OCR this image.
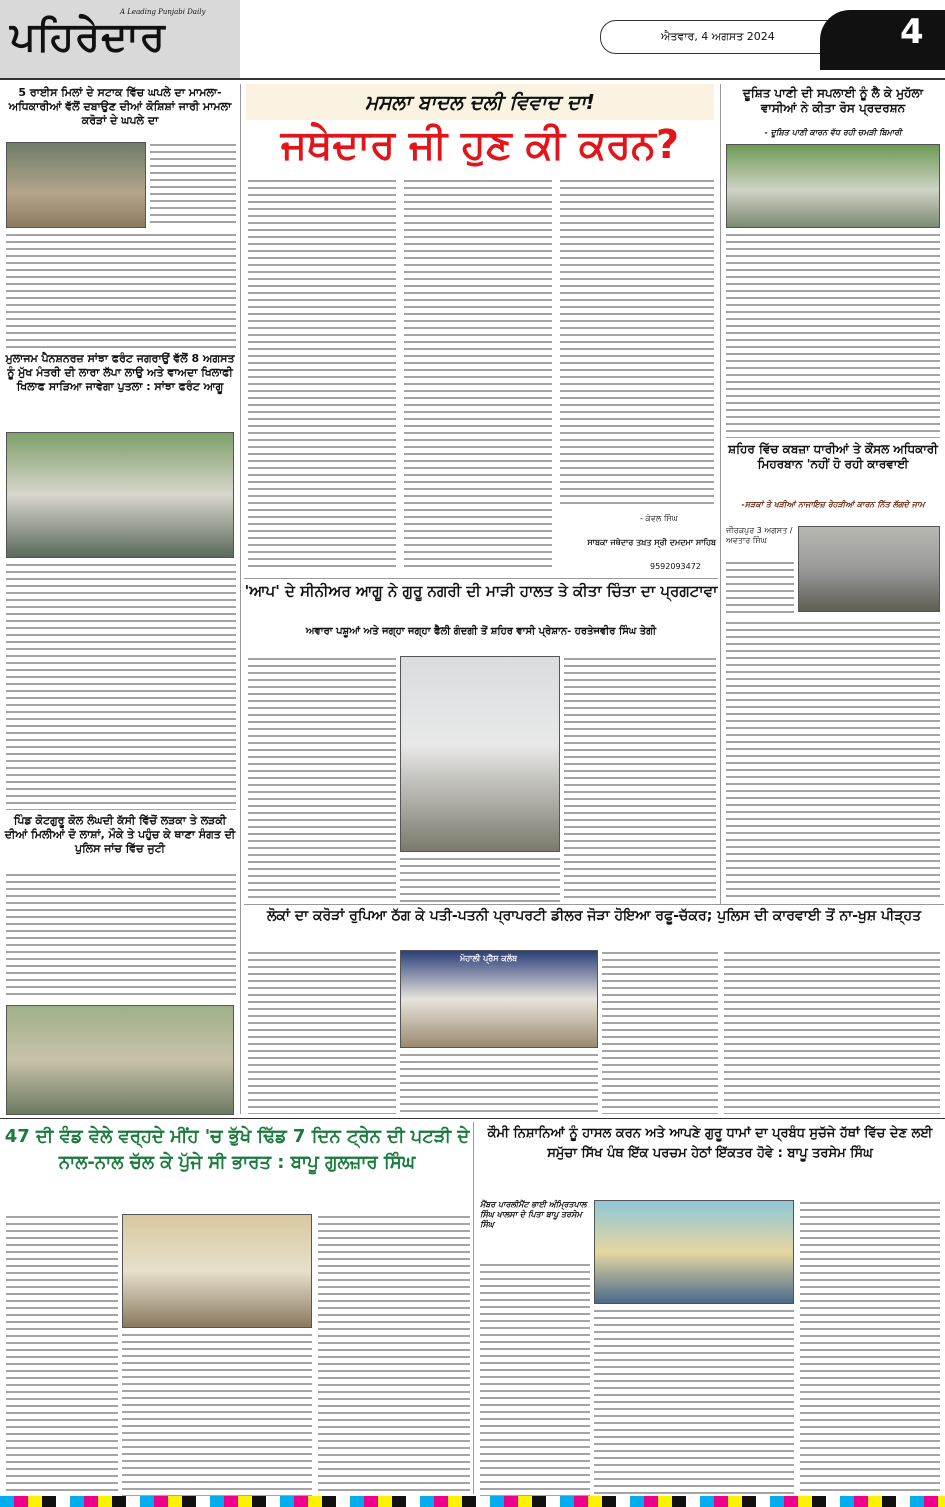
ਪਹਿਰੇਦਾਰ
A Leading Punjabi Daily
ਐਤਵਾਰ, 4 ਅਗਸਤ 2024	4
5 ਰਾਈਸ ਮਿਲਾਂ ਦੇ ਸਟਾਕ ਵਿੱਚ ਘਪਲੇ ਦਾ ਮਾਮਲਾ- ਅਧਿਕਾਰੀਆਂ ਵੱਲੋਂ ਦਬਾਉਣ ਦੀਆਂ ਕੋਸ਼ਿਸ਼ਾਂ ਜਾਰੀ ਮਾਮਲਾ ਕਰੋੜਾਂ ਦੇ ਘਪਲੇ ਦਾ
ਮੁਲਾਜਮ ਪੈਨਸ਼ਨਰਜ਼ ਸਾਂਝਾ ਫਰੰਟ ਜਗਰਾਉਂ ਵੱਲੋਂ 8 ਅਗਸਤ ਨੂੰ ਮੁੱਖ ਮੰਤਰੀ ਦੀ ਲਾਰਾ ਲੱਪਾ ਲਾਉ ਅਤੇ ਵਾਅਦਾ ਖਿਲਾਫੀ ਖਿਲਾਫ ਸਾੜਿਆ ਜਾਵੇਗਾ ਪੁਤਲਾ : ਸਾਂਝਾ ਫਰੰਟ ਆਗੂ
ਪਿੰਡ ਕੋਟਗੁਰੂ ਕੋਲ ਲੰਘਦੀ ਕੱਸੀ ਵਿੱਚੋਂ ਲੜਕਾ ਤੇ ਲੜਕੀ ਦੀਆਂ ਮਿਲੀਆਂ ਦੋ ਲਾਸ਼ਾਂ, ਮੌਕੇ ਤੇ ਪਹੁੰਚ ਕੇ ਥਾਣਾ ਸੰਗਤ ਦੀ ਪੁਲਿਸ ਜਾਂਚ ਵਿੱਚ ਜੁਟੀ
ਮਸਲਾ ਬਾਦਲ ਦਲੀ ਵਿਵਾਦ ਦਾ!
ਜਥੇਦਾਰ ਜੀ ਹੁਣ ਕੀ ਕਰਨ?
- ਕੇਵਲ ਸਿੰਘ
ਸਾਬਕਾ ਜਥੇਦਾਰ ਤਖ਼ਤ ਸ੍ਰੀ ਦਮਦਮਾ ਸਾਹਿਬ
9592093472
'ਆਪ' ਦੇ ਸੀਨੀਅਰ ਆਗੂ ਨੇ ਗੁਰੂ ਨਗਰੀ ਦੀ ਮਾੜੀ ਹਾਲਤ ਤੇ ਕੀਤਾ ਚਿੰਤਾ ਦਾ ਪ੍ਰਗਟਾਵਾ
ਅਵਾਰਾ ਪਸ਼ੂਆਂ ਅਤੇ ਜਗ੍ਹਾ ਜਗ੍ਹਾ ਫੈਲੀ ਗੰਦਗੀ ਤੋਂ ਸ਼ਹਿਰ ਵਾਸੀ ਪ੍ਰੇਸ਼ਾਨ- ਹਰਤੇਜਵੀਰ ਸਿੰਘ ਤੇਗੀ
ਦੂਸ਼ਿਤ ਪਾਣੀ ਦੀ ਸਪਲਾਈ ਨੂੰ ਲੈ ਕੇ ਮੁਹੱਲਾ ਵਾਸੀਆਂ ਨੇ ਕੀਤਾ ਰੋਸ ਪ੍ਰਦਰਸ਼ਨ
- ਦੂਸ਼ਿਤ ਪਾਣੀ ਕਾਰਨ ਵੱਧ ਰਹੀ ਚਮੜੀ ਬਿਮਾਰੀ
ਸ਼ਹਿਰ ਵਿੱਚ ਕਬਜ਼ਾ ਧਾਰੀਆਂ ਤੇ ਕੌਂਸਲ ਅਧਿਕਾਰੀ ਮਿਹਰਬਾਨ 'ਨਹੀਂ ਹੋ ਰਹੀ ਕਾਰਵਾਈ
-ਸੜਕਾਂ ਤੇ ਖੜੀਆਂ ਨਾਜਾਇਜ਼ ਰੇਹੜੀਆਂ ਕਾਰਨ ਨਿੱਤ ਲੱਗਦੇ ਜਾਮ
ਜੀਰਕਪੁਰ 3 ਅਗਸਤ /ਅਵਤਾਰ ਸਿੰਘ
ਲੋਕਾਂ ਦਾ ਕਰੋੜਾਂ ਰੁਪਿਆ ਠੱਗ ਕੇ ਪਤੀ-ਪਤਨੀ ਪ੍ਰਾਪਰਟੀ ਡੀਲਰ ਜੋੜਾ ਹੋਇਆ ਰਫੂ-ਚੱਕਰ; ਪੁਲਿਸ ਦੀ ਕਾਰਵਾਈ ਤੋਂ ਨਾ-ਖੁਸ਼ ਪੀੜ੍ਹਤ
ਮੋਹਾਲੀ ਪ੍ਰੈਸ ਕਲੱਬ
47 ਦੀ ਵੰਡ ਵੇਲੇ ਵਰ੍ਹਦੇ ਮੀਂਹ 'ਚ ਭੁੱਖੇ ਢਿੱਡ 7 ਦਿਨ ਟ੍ਰੇਨ ਦੀ ਪਟੜੀ ਦੇ ਨਾਲ-ਨਾਲ ਚੱਲ ਕੇ ਪੁੱਜੇ ਸੀ ਭਾਰਤ : ਬਾਪੂ ਗੁਲਜ਼ਾਰ ਸਿੰਘ
ਕੌਮੀ ਨਿਸ਼ਾਨਿਆਂ ਨੂੰ ਹਾਸਲ ਕਰਨ ਅਤੇ ਆਪਣੇ ਗੁਰੂ ਧਾਮਾਂ ਦਾ ਪ੍ਰਬੰਧ ਸੁਚੱਜੇ ਹੱਥਾਂ ਵਿੱਚ ਦੇਣ ਲਈ ਸਮੁੱਚਾ ਸਿੱਖ ਪੰਥ ਇੱਕ ਪਰਚਮ ਹੇਠਾਂ ਇੱਕਤਰ ਹੋਵੇ : ਬਾਪੂ ਤਰਸੇਮ ਸਿੰਘ
ਮੈਂਬਰ ਪਾਰਲੀਮੈਂਟ ਭਾਈ ਅੰਮ੍ਰਿਤਪਾਲ ਸਿੰਘ ਖਾਲਸਾ ਦੇ ਪਿਤਾ ਬਾਪੂ ਤਰਸੇਮ ਸਿੰਘ
